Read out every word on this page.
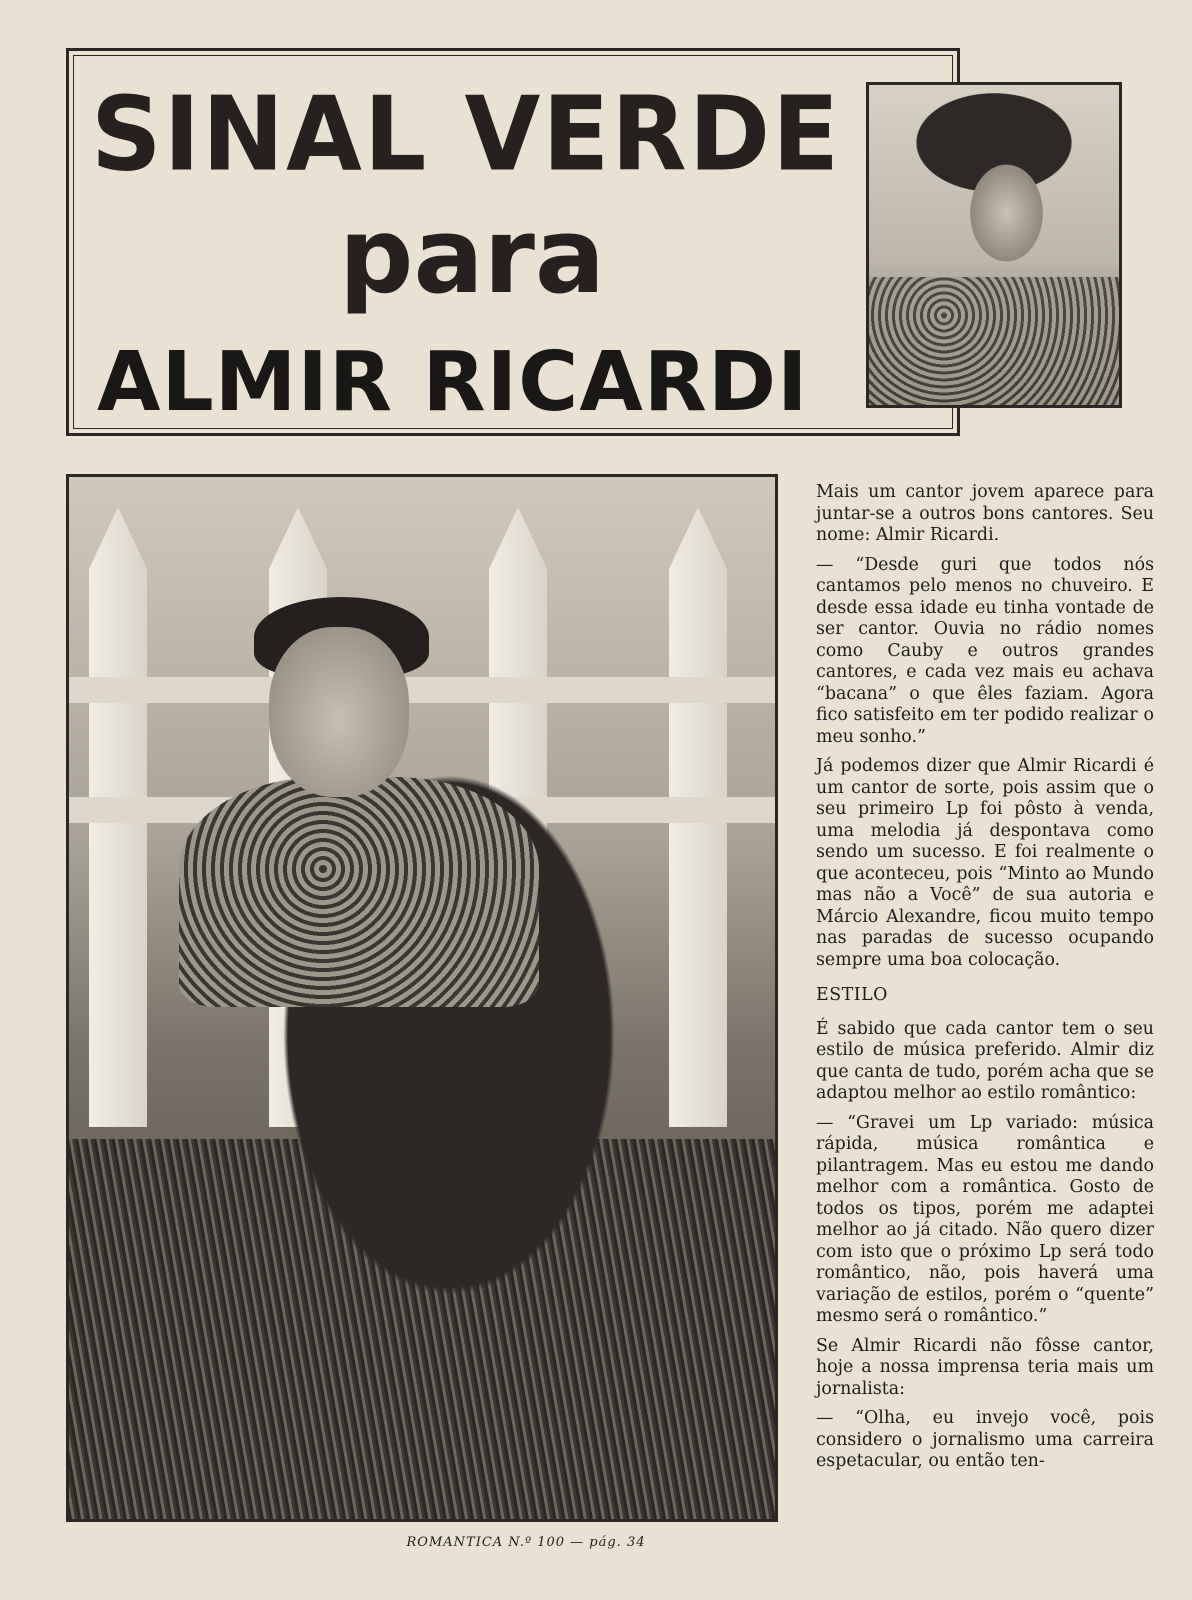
SINAL VERDE
para
ALMIR RICARDI

Mais um cantor jovem aparece para juntar-se a outros bons cantores. Seu nome: Almir Ricardi.

— “Desde guri que todos nós cantamos pelo menos no chuveiro. E desde essa idade eu tinha vontade de ser cantor. Ouvia no rádio nomes como Cauby e outros grandes cantores, e cada vez mais eu achava “bacana” o que êles faziam. Agora fico satisfeito em ter podido realizar o meu sonho.”

Já podemos dizer que Almir Ricardi é um cantor de sorte, pois assim que o seu primeiro Lp foi pôsto à venda, uma melodia já despontava como sendo um sucesso. E foi realmente o que aconteceu, pois “Minto ao Mundo mas não a Você” de sua autoria e Márcio Alexandre, ficou muito tempo nas paradas de sucesso ocupando sempre uma boa colocação.

ESTILO

É sabido que cada cantor tem o seu estilo de música preferido. Almir diz que canta de tudo, porém acha que se adaptou melhor ao estilo romântico:

— “Gravei um Lp variado: música rápida, música romântica e pilantragem. Mas eu estou me dando melhor com a romântica. Gosto de todos os tipos, porém me adaptei melhor ao já citado. Não quero dizer com isto que o próximo Lp será todo romântico, não, pois haverá uma variação de estilos, porém o “quente” mesmo será o romântico.”

Se Almir Ricardi não fôsse cantor, hoje a nossa imprensa teria mais um jornalista:

— “Olha, eu invejo você, pois considero o jornalismo uma carreira espetacular, ou então ten-

ROMANTICA N.º 100 — pág. 34
